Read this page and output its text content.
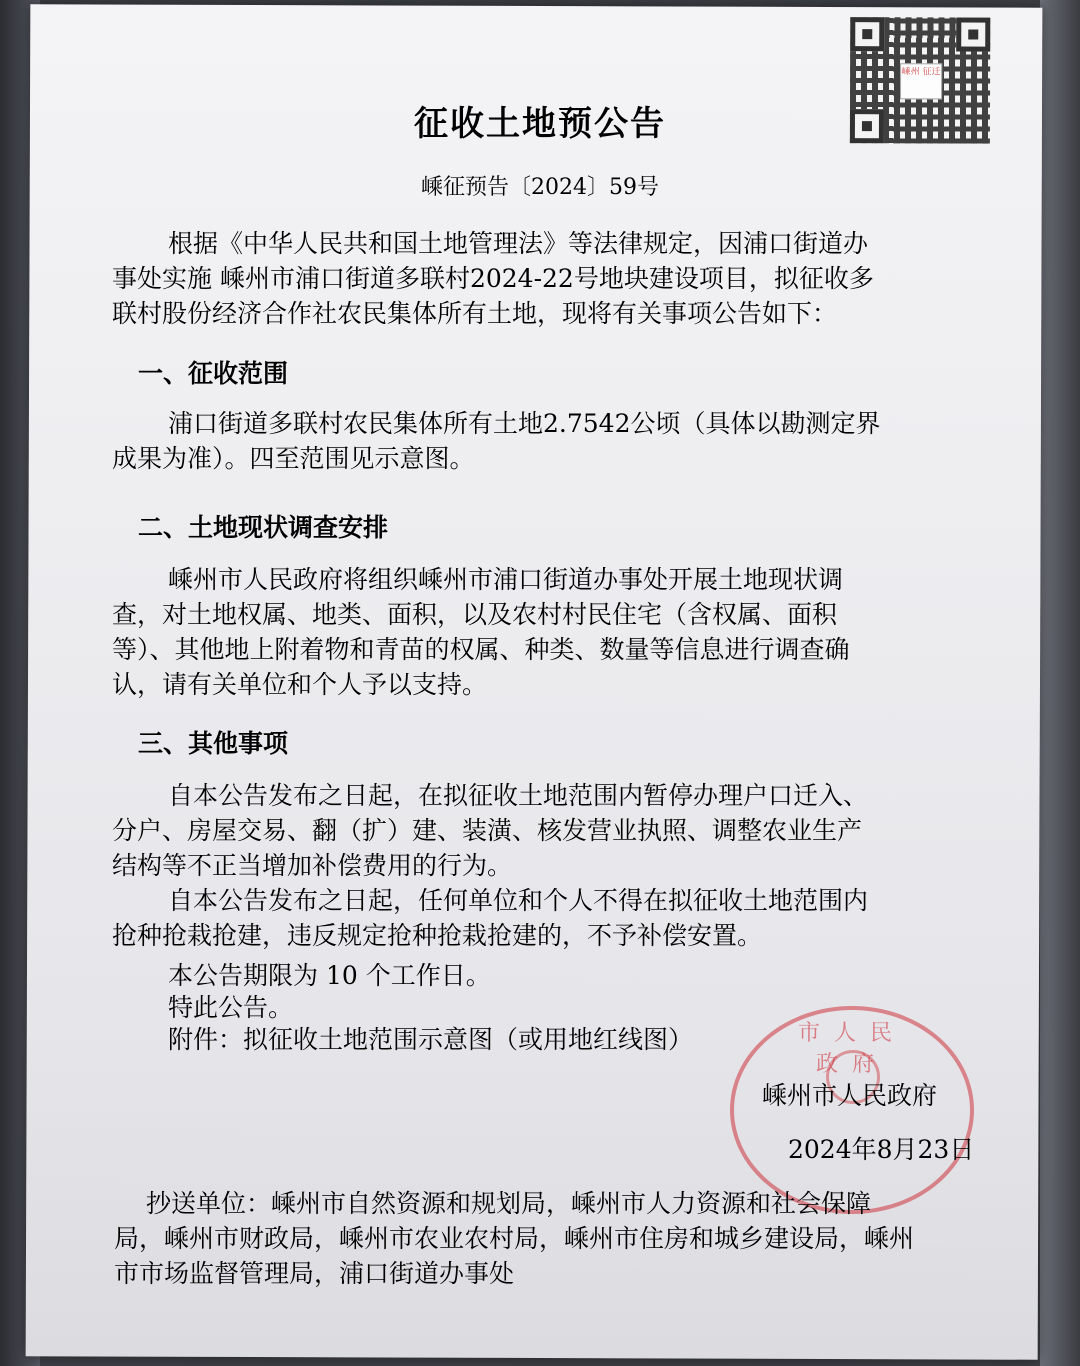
嵊州 征迁
征收土地预公告
嵊征预告〔2024〕59号
根据《中华人民共和国土地管理法》等法律规定，因浦口街道办
事处实施 嵊州市浦口街道多联村2024-22号地块建设项目，拟征收多
联村股份经济合作社农民集体所有土地，现将有关事项公告如下：
一、征收范围
浦口街道多联村农民集体所有土地2.7542公顷（具体以勘测定界
成果为准）。四至范围见示意图。
二、土地现状调查安排
嵊州市人民政府将组织嵊州市浦口街道办事处开展土地现状调
查，对土地权属、地类、面积，以及农村村民住宅（含权属、面积
等）、其他地上附着物和青苗的权属、种类、数量等信息进行调查确
认，请有关单位和个人予以支持。
三、其他事项
自本公告发布之日起，在拟征收土地范围内暂停办理户口迁入、
分户、房屋交易、翻（扩）建、装潢、核发营业执照、调整农业生产
结构等不正当增加补偿费用的行为。
自本公告发布之日起，任何单位和个人不得在拟征收土地范围内
抢种抢栽抢建，违反规定抢种抢栽抢建的，不予补偿安置。
本公告期限为 10 个工作日。
特此公告。
附件：拟征收土地范围示意图（或用地红线图）	市人民政府
嵊州市人民政府
2024年8月23日
抄送单位：嵊州市自然资源和规划局，嵊州市人力资源和社会保障
局，嵊州市财政局，嵊州市农业农村局，嵊州市住房和城乡建设局，嵊州
市市场监督管理局，浦口街道办事处
